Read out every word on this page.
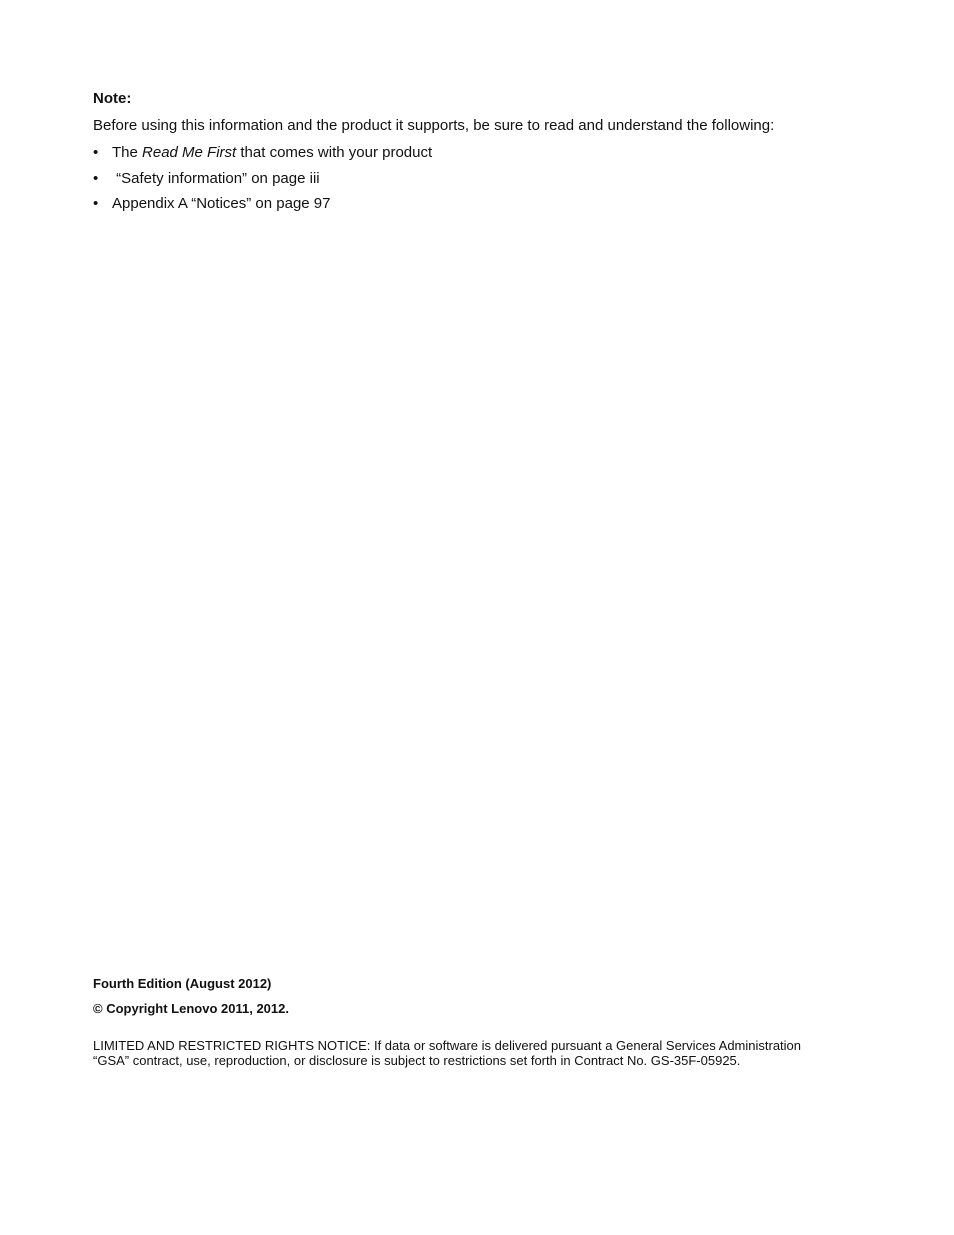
Note:

Before using this information and the product it supports, be sure to read and understand the following:

• The Read Me First that comes with your product
• “Safety information” on page iii
• Appendix A “Notices” on page 97

Fourth Edition (August 2012)

© Copyright Lenovo 2011, 2012.

LIMITED AND RESTRICTED RIGHTS NOTICE: If data or software is delivered pursuant a General Services Administration
“GSA” contract, use, reproduction, or disclosure is subject to restrictions set forth in Contract No. GS-35F-05925.
